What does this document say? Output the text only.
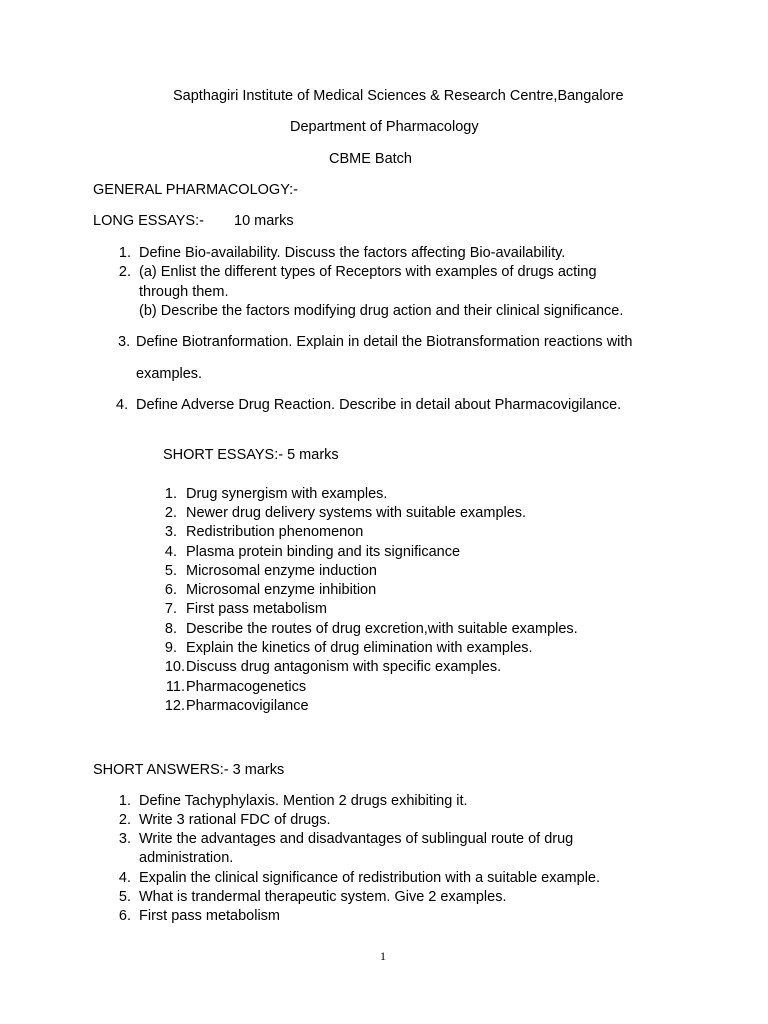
Sapthagiri Institute of Medical Sciences & Research Centre,Bangalore
Department of Pharmacology
CBME Batch
GENERAL PHARMACOLOGY:-
LONG ESSAYS:- 10 marks
1. Define Bio-availability. Discuss the factors affecting Bio-availability.
2. (a) Enlist the different types of Receptors with examples of drugs acting
through them.
(b) Describe the factors modifying drug action and their clinical significance.
3. Define Biotranformation. Explain in detail the Biotransformation reactions with
examples.
4. Define Adverse Drug Reaction. Describe in detail about Pharmacovigilance.
SHORT ESSAYS:- 5 marks
1. Drug synergism with examples.
2. Newer drug delivery systems with suitable examples.
3. Redistribution phenomenon
4. Plasma protein binding and its significance
5. Microsomal enzyme induction
6. Microsomal enzyme inhibition
7. First pass metabolism
8. Describe the routes of drug excretion,with suitable examples.
9. Explain the kinetics of drug elimination with examples.
10. Discuss drug antagonism with specific examples.
11. Pharmacogenetics
12. Pharmacovigilance
SHORT ANSWERS:- 3 marks
1. Define Tachyphylaxis. Mention 2 drugs exhibiting it.
2. Write 3 rational FDC of drugs.
3. Write the advantages and disadvantages of sublingual route of drug
administration.
4. Expalin the clinical significance of redistribution with a suitable example.
5. What is trandermal therapeutic system. Give 2 examples.
6. First pass metabolism
1
